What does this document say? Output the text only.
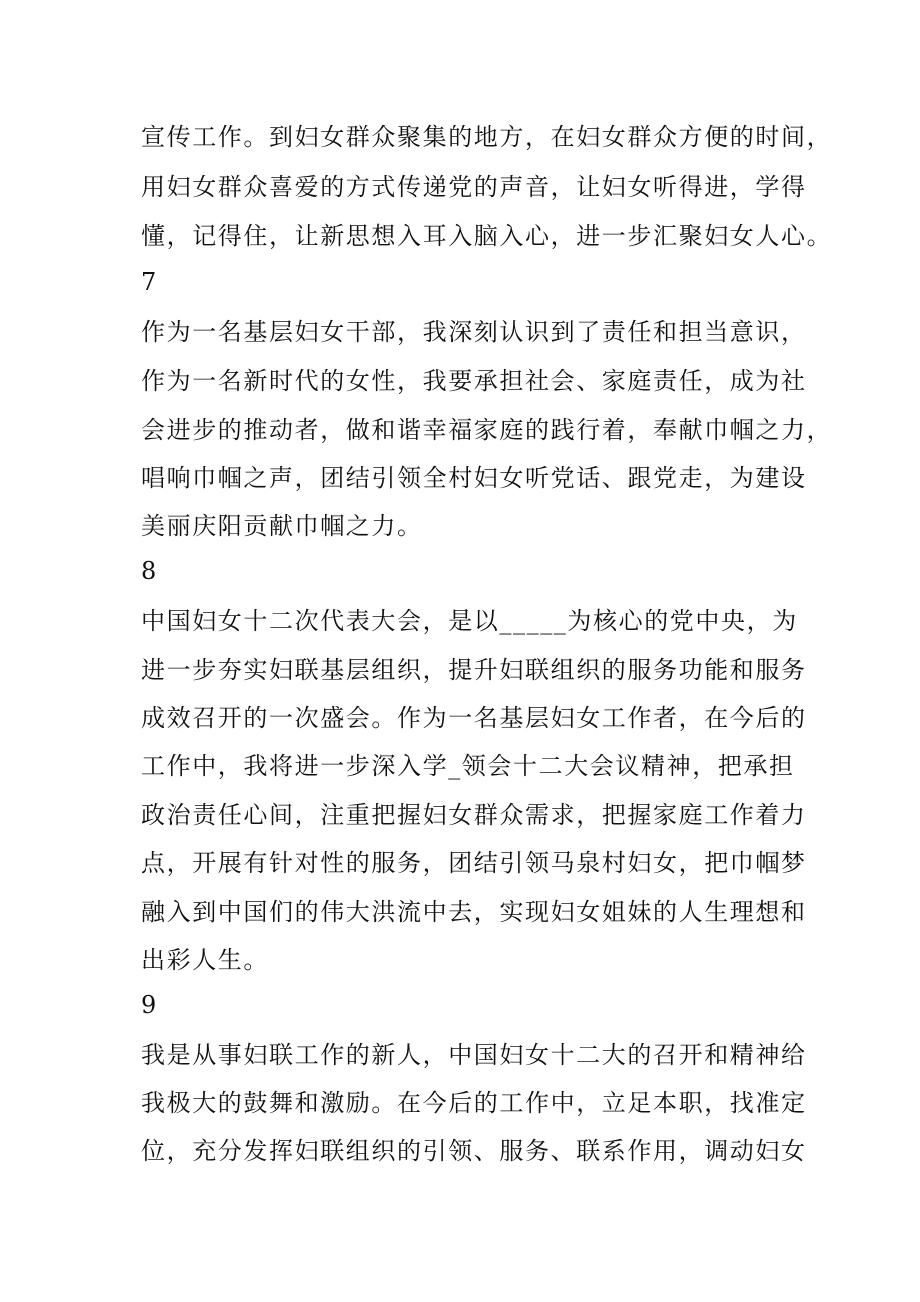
宣传工作。到妇女群众聚集的地方，在妇女群众方便的时间，
用妇女群众喜爱的方式传递党的声音，让妇女听得进，学得
懂，记得住，让新思想入耳入脑入心，进一步汇聚妇女人心。
7
作为一名基层妇女干部，我深刻认识到了责任和担当意识，
作为一名新时代的女性，我要承担社会、家庭责任，成为社
会进步的推动者，做和谐幸福家庭的践行着，奉献巾帼之力，
唱响巾帼之声，团结引领全村妇女听党话、跟党走，为建设
美丽庆阳贡献巾帼之力。
8
中国妇女十二次代表大会，是以_____为核心的党中央，为
进一步夯实妇联基层组织，提升妇联组织的服务功能和服务
成效召开的一次盛会。作为一名基层妇女工作者，在今后的
工作中，我将进一步深入学_领会十二大会议精神，把承担
政治责任心间，注重把握妇女群众需求，把握家庭工作着力
点，开展有针对性的服务，团结引领马泉村妇女，把巾帼梦
融入到中国们的伟大洪流中去，实现妇女姐妹的人生理想和
出彩人生。
9
我是从事妇联工作的新人，中国妇女十二大的召开和精神给
我极大的鼓舞和激励。在今后的工作中，立足本职，找准定
位，充分发挥妇联组织的引领、服务、联系作用，调动妇女
